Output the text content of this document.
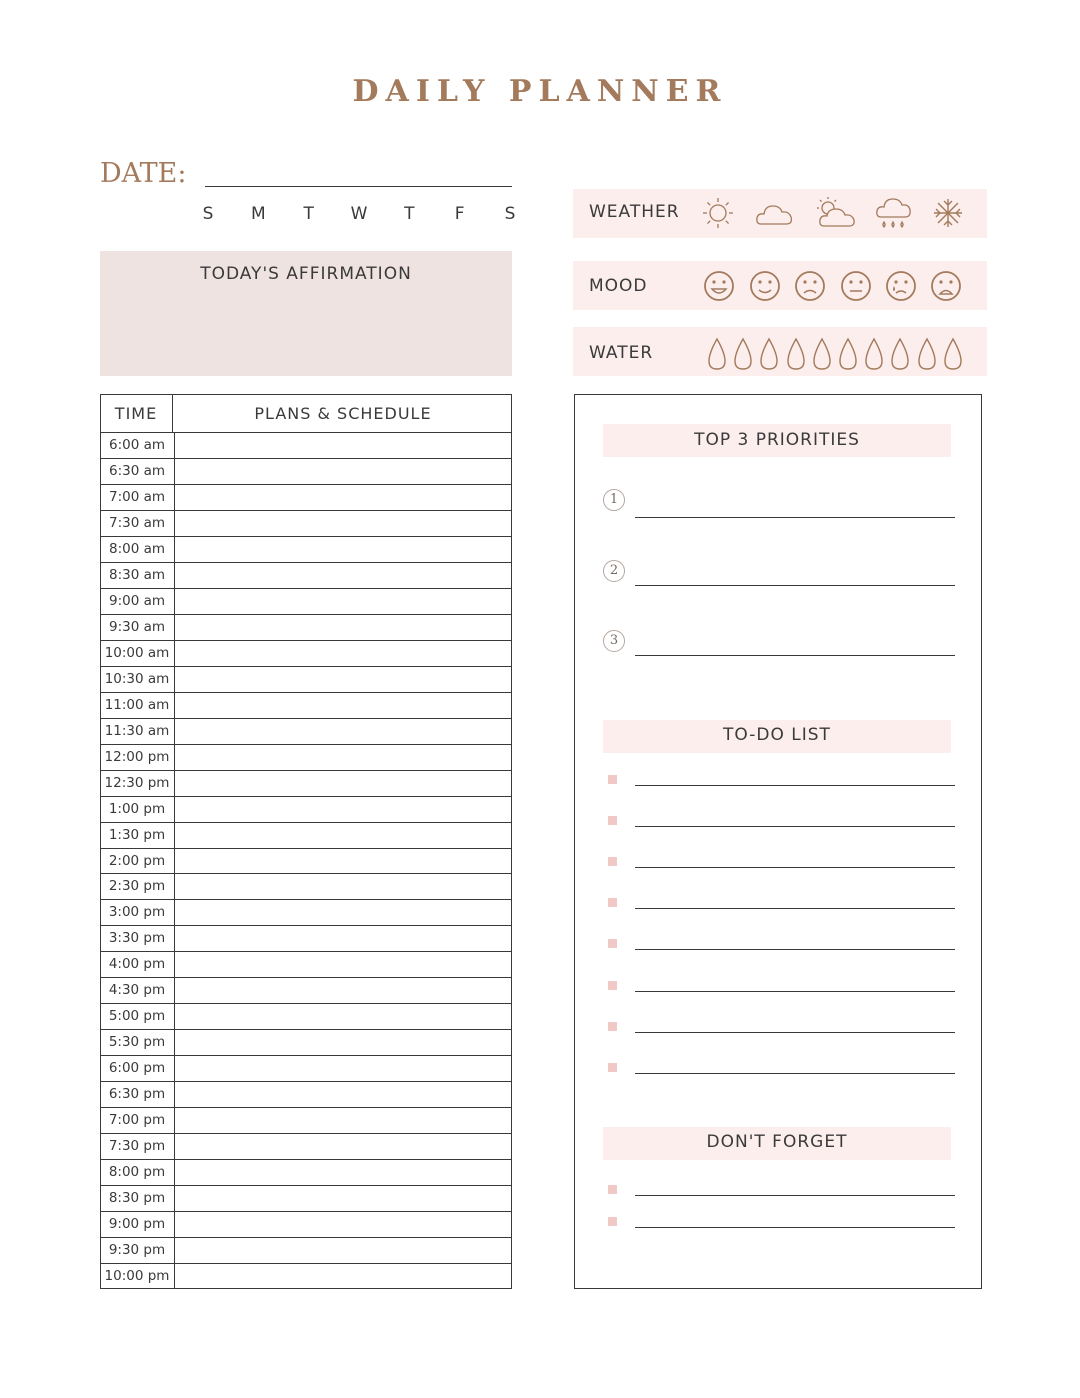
DAILY PLANNER
DATE:
S	M	T	W	T	F	S
TODAY'S AFFIRMATION
TIME	PLANS & SCHEDULE
6:00 am
6:30 am
7:00 am
7:30 am
8:00 am
8:30 am
9:00 am
9:30 am
10:00 am
10:30 am
11:00 am
11:30 am
12:00 pm
12:30 pm
1:00 pm
1:30 pm
2:00 pm
2:30 pm
3:00 pm
3:30 pm
4:00 pm
4:30 pm
5:00 pm
5:30 pm
6:00 pm
6:30 pm
7:00 pm
7:30 pm
8:00 pm
8:30 pm
9:00 pm
9:30 pm
10:00 pm
WEATHER
MOOD
WATER
TOP 3 PRIORITIES
1
2
3
TO-DO LIST
DON'T FORGET
